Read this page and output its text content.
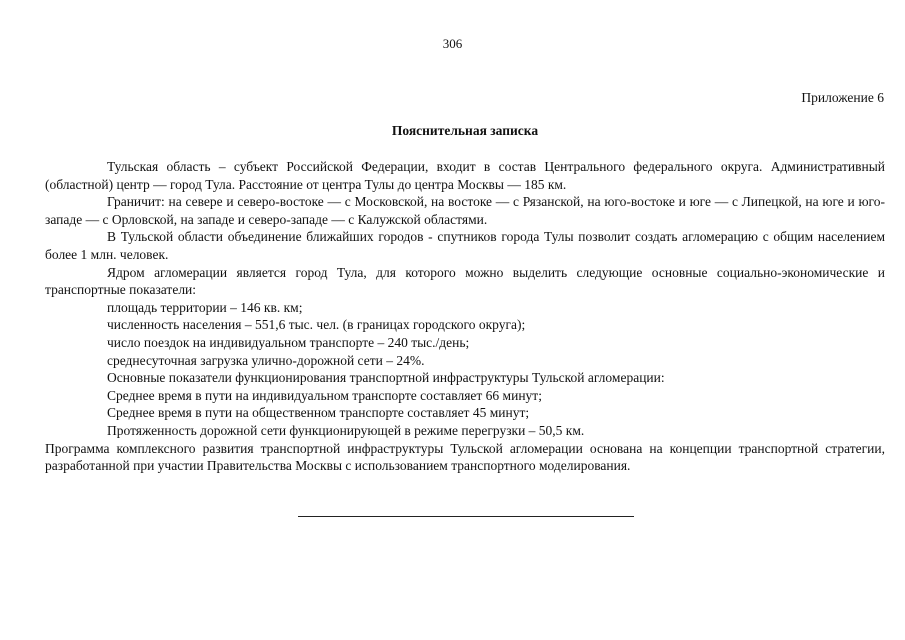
306
Приложение 6
Пояснительная записка

Тульская область – субъект Российской Федерации, входит в состав Центрального федерального округа. Административный (областной) центр — город Тула. Расстояние от центра Тулы до центра Москвы — 185 км.

Граничит: на севере и северо-востоке — с Московской, на востоке — с Рязанской, на юго-востоке и юге — с Липецкой, на юге и юго-западе — с Орловской, на западе и северо-западе — с Калужской областями.

В Тульской области объединение ближайших городов - спутников города Тулы позволит создать агломерацию с общим населением более 1 млн. человек.

Ядром агломерации является город Тула, для которого можно выделить следующие основные социально-экономические и транспортные показатели:

площадь территории – 146 кв. км;

численность населения – 551,6 тыс. чел. (в границах городского округа);

число поездок на индивидуальном транспорте – 240 тыс./день;

среднесуточная загрузка улично-дорожной сети – 24%.

Основные показатели функционирования транспортной инфраструктуры Тульской агломерации:

Среднее время в пути на индивидуальном транспорте составляет 66 минут;

Среднее время в пути на общественном транспорте составляет 45 минут;

Протяженность дорожной сети функционирующей в режиме перегрузки – 50,5 км.

Программа комплексного развития транспортной инфраструктуры Тульской агломерации основана на концепции транспортной стратегии, разработанной при участии Правительства Москвы с использованием транспортного моделирования.
